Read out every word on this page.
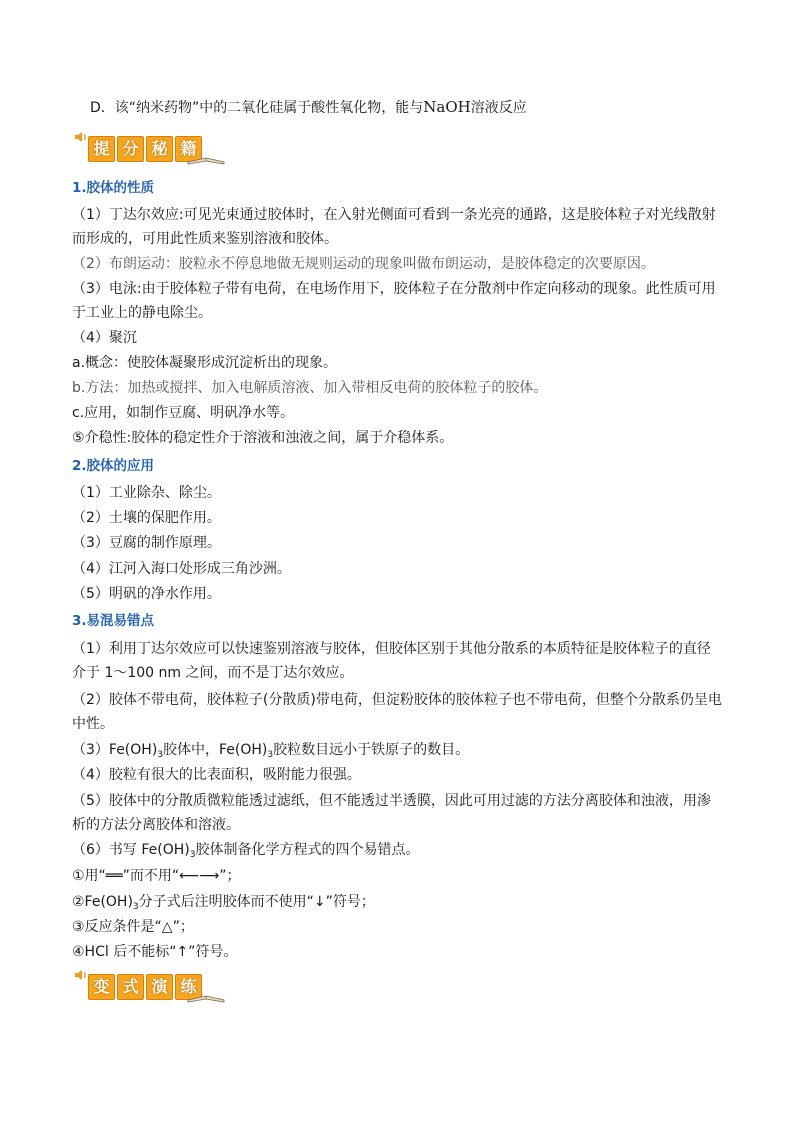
D．该“纳米药物”中的二氧化硅属于酸性氧化物，能与NaOH溶液反应
提 分 秘 籍
1.胶体的性质
（1）丁达尔效应:可见光束通过胶体时，在入射光侧面可看到一条光亮的通路，这是胶体粒子对光线散射
而形成的，可用此性质来鉴别溶液和胶体。
（2）布朗运动：胶粒永不停息地做无规则运动的现象叫做布朗运动，是胶体稳定的次要原因。
（3）电泳:由于胶体粒子带有电荷，在电场作用下，胶体粒子在分散剂中作定向移动的现象。此性质可用
于工业上的静电除尘。
（4）聚沉
a.概念：使胶体凝聚形成沉淀析出的现象。
b.方法：加热或搅拌、加入电解质溶液、加入带相反电荷的胶体粒子的胶体。
c.应用，如制作豆腐、明矾净水等。
⑤介稳性:胶体的稳定性介于溶液和浊液之间，属于介稳体系。
2.胶体的应用
（1）工业除杂、除尘。
（2）土壤的保肥作用。
（3）豆腐的制作原理。
（4）江河入海口处形成三角沙洲。
（5）明矾的净水作用。
3.易混易错点
（1）利用丁达尔效应可以快速鉴别溶液与胶体，但胶体区别于其他分散系的本质特征是胶体粒子的直径
介于 1～100 nm 之间，而不是丁达尔效应。
（2）胶体不带电荷，胶体粒子(分散质)带电荷，但淀粉胶体的胶体粒子也不带电荷，但整个分散系仍呈电
中性。
$(3)Fe(OH)_3$胶体中，$Fe(OH)_3$胶粒数目远小于铁原子的数目。
（4）胶粒有很大的比表面积，吸附能力很强。
（5）胶体中的分散质微粒能透过滤纸，但不能透过半透膜，因此可用过滤的方法分离胶体和浊液，用渗
析的方法分离胶体和溶液。
（6）书写 $Fe(OH)_3$胶体制备化学方程式的四个易错点。
①用“══”而不用“⟵⟶”；
$②Fe(OH)_3$分子式后注明胶体而不使用“↓”符号；
③反应条件是“△”；
④HCl 后不能标“↑”符号。
变 式 演 练
